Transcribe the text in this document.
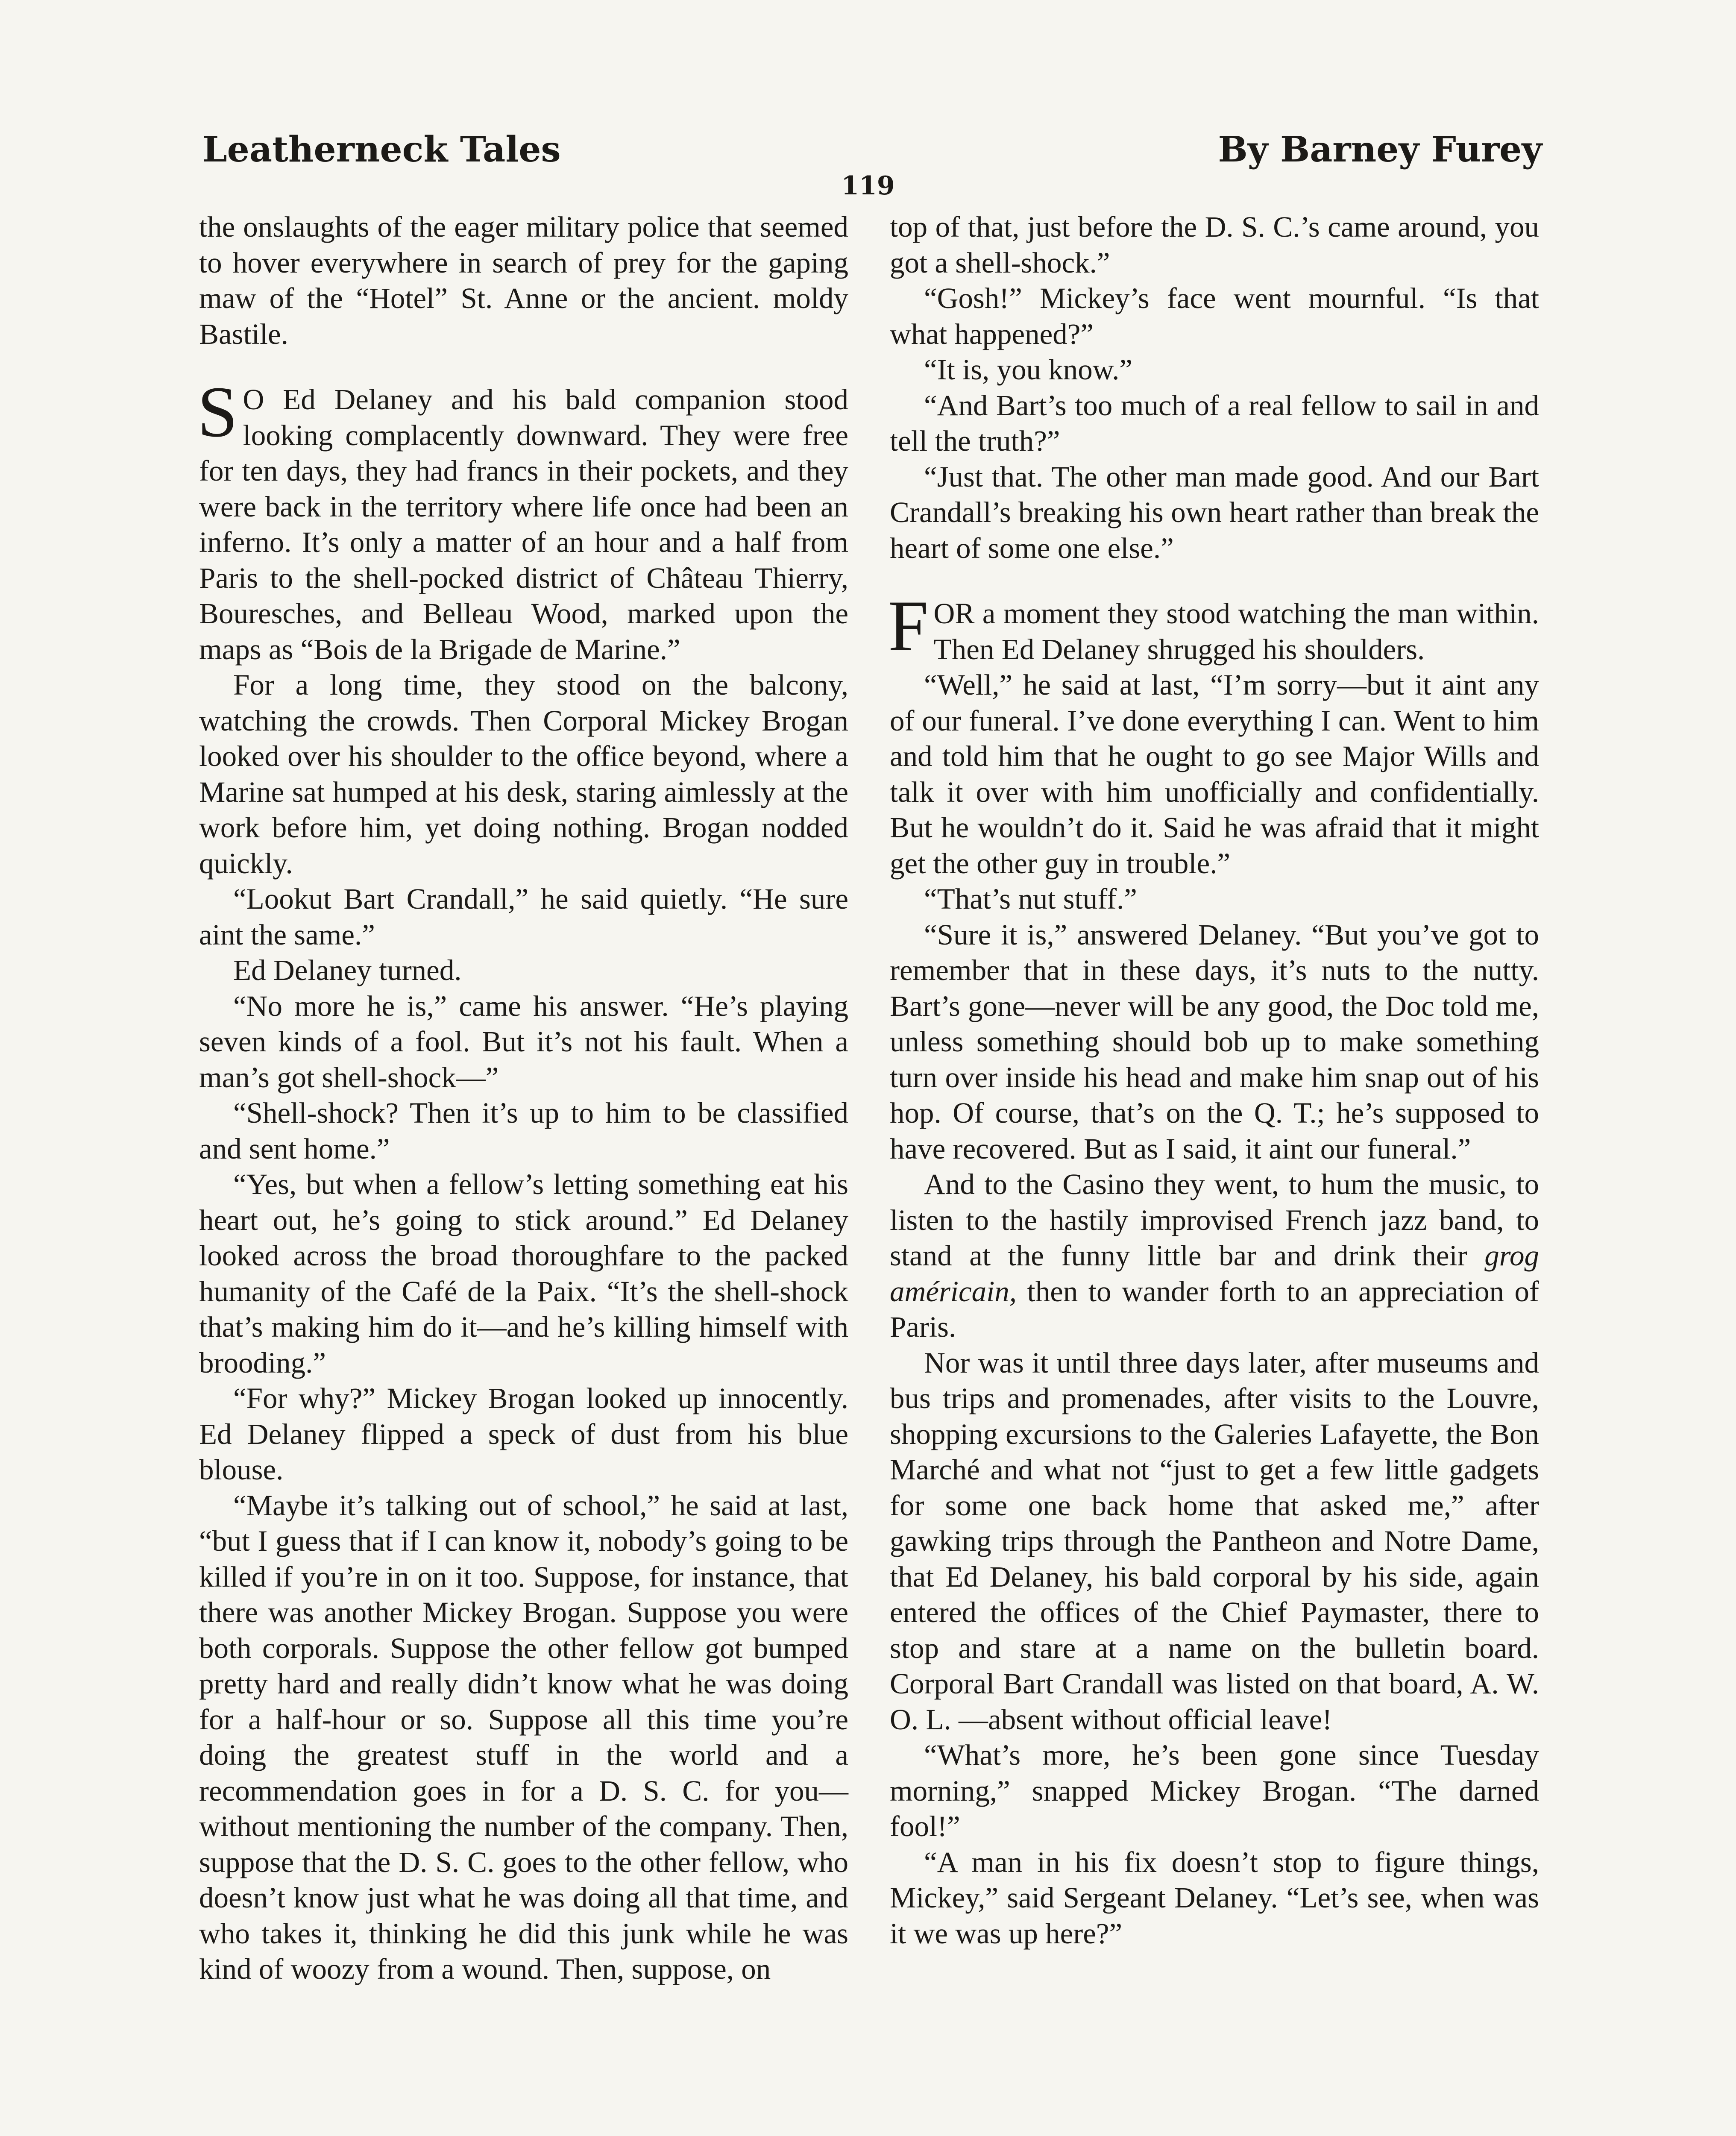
Leatherneck Tales	By Barney Furey
119

the onslaughts of the eager military police that seemed to hover everywhere in search of prey for the gaping maw of the “Hotel” St. Anne or the ancient. moldy Bastile.

S O Ed Delaney and his bald companion stood looking complacently downward. They were free for ten days, they had francs in their pockets, and they were back in the territory where life once had been an inferno. It’s only a matter of an hour and a half from Paris to the shell-pocked district of Château Thierry, Bouresches, and Belleau Wood, marked upon the maps as “Bois de la Brigade de Marine.”

For a long time, they stood on the balcony, watching the crowds. Then Corporal Mickey Brogan looked over his shoulder to the office beyond, where a Marine sat humped at his desk, staring aimlessly at the work before him, yet doing nothing. Brogan nodded quickly.

“Lookut Bart Crandall,” he said quietly. “He sure aint the same.”

Ed Delaney turned.

“No more he is,” came his answer. “He’s playing seven kinds of a fool. But it’s not his fault. When a man’s got shell-shock—”

“Shell-shock? Then it’s up to him to be classified and sent home.”

“Yes, but when a fellow’s letting something eat his heart out, he’s going to stick around.” Ed Delaney looked across the broad thoroughfare to the packed humanity of the Café de la Paix. “It’s the shell-shock that’s making him do it—and he’s killing himself with brooding.”

“For why?” Mickey Brogan looked up innocently. Ed Delaney flipped a speck of dust from his blue blouse.

“Maybe it’s talking out of school,” he said at last, “but I guess that if I can know it, nobody’s going to be killed if you’re in on it too. Suppose, for instance, that there was another Mickey Brogan. Suppose you were both corporals. Suppose the other fellow got bumped pretty hard and really didn’t know what he was doing for a half-hour or so. Suppose all this time you’re doing the greatest stuff in the world and a recommendation goes in for a D. S. C. for you—without mentioning the number of the company. Then, suppose that the D. S. C. goes to the other fellow, who doesn’t know just what he was doing all that time, and who takes it, thinking he did this junk while he was kind of woozy from a wound. Then, suppose, on

top of that, just before the D. S. C.’s came around, you got a shell-shock.”

“Gosh!” Mickey’s face went mournful. “Is that what happened?”

“It is, you know.”

“And Bart’s too much of a real fellow to sail in and tell the truth?”

“Just that. The other man made good. And our Bart Crandall’s breaking his own heart rather than break the heart of some one else.”

FOR a moment they stood watching the man within. Then Ed Delaney shrugged his shoulders.

“Well,” he said at last, “I’m sorry—but it aint any of our funeral. I’ve done everything I can. Went to him and told him that he ought to go see Major Wills and talk it over with him unofficially and confidentially. But he wouldn’t do it. Said he was afraid that it might get the other guy in trouble.”

“That’s nut stuff.”

“Sure it is,” answered Delaney. “But you’ve got to remember that in these days, it’s nuts to the nutty. Bart’s gone—never will be any good, the Doc told me, unless something should bob up to make something turn over inside his head and make him snap out of his hop. Of course, that’s on the Q. T.; he’s supposed to have recovered. But as I said, it aint our funeral.”

And to the Casino they went, to hum the music, to listen to the hastily improvised French jazz band, to stand at the funny little bar and drink their grog américain, then to wander forth to an appreciation of Paris.

Nor was it until three days later, after museums and bus trips and promenades, after visits to the Louvre, shopping excursions to the Galeries Lafayette, the Bon Marché and what not “just to get a few little gadgets for some one back home that asked me,” after gawking trips through the Pantheon and Notre Dame, that Ed Delaney, his bald corporal by his side, again entered the offices of the Chief Paymaster, there to stop and stare at a name on the bulletin board. Corporal Bart Crandall was listed on that board, A. W. O. L. —absent without official leave!

“What’s more, he’s been gone since Tuesday morning,” snapped Mickey Brogan. “The darned fool!”

“A man in his fix doesn’t stop to figure things, Mickey,” said Sergeant Delaney. “Let’s see, when was it we was up here?”
